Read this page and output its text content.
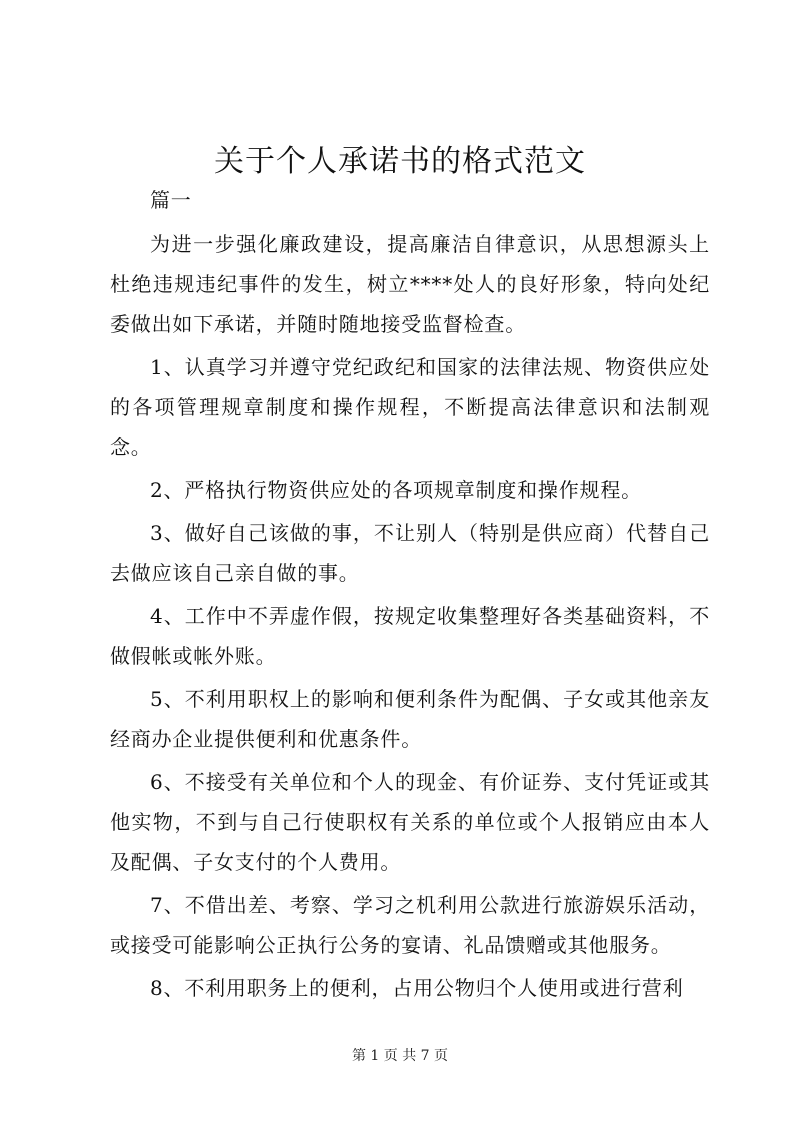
关于个人承诺书的格式范文

篇一

为进一步强化廉政建设，提高廉洁自律意识，从思想源头上杜绝违规违纪事件的发生，树立****处人的良好形象，特向处纪委做出如下承诺，并随时随地接受监督检查。

1、认真学习并遵守党纪政纪和国家的法律法规、物资供应处的各项管理规章制度和操作规程，不断提高法律意识和法制观念。

2、严格执行物资供应处的各项规章制度和操作规程。

3、做好自己该做的事，不让别人（特别是供应商）代替自己去做应该自己亲自做的事。

4、工作中不弄虚作假，按规定收集整理好各类基础资料，不做假帐或帐外账。

5、不利用职权上的影响和便利条件为配偶、子女或其他亲友经商办企业提供便利和优惠条件。

6、不接受有关单位和个人的现金、有价证券、支付凭证或其他实物，不到与自己行使职权有关系的单位或个人报销应由本人及配偶、子女支付的个人费用。

7、不借出差、考察、学习之机利用公款进行旅游娱乐活动，或接受可能影响公正执行公务的宴请、礼品馈赠或其他服务。

8、不利用职务上的便利，占用公物归个人使用或进行营利

第 1 页 共 7 页
